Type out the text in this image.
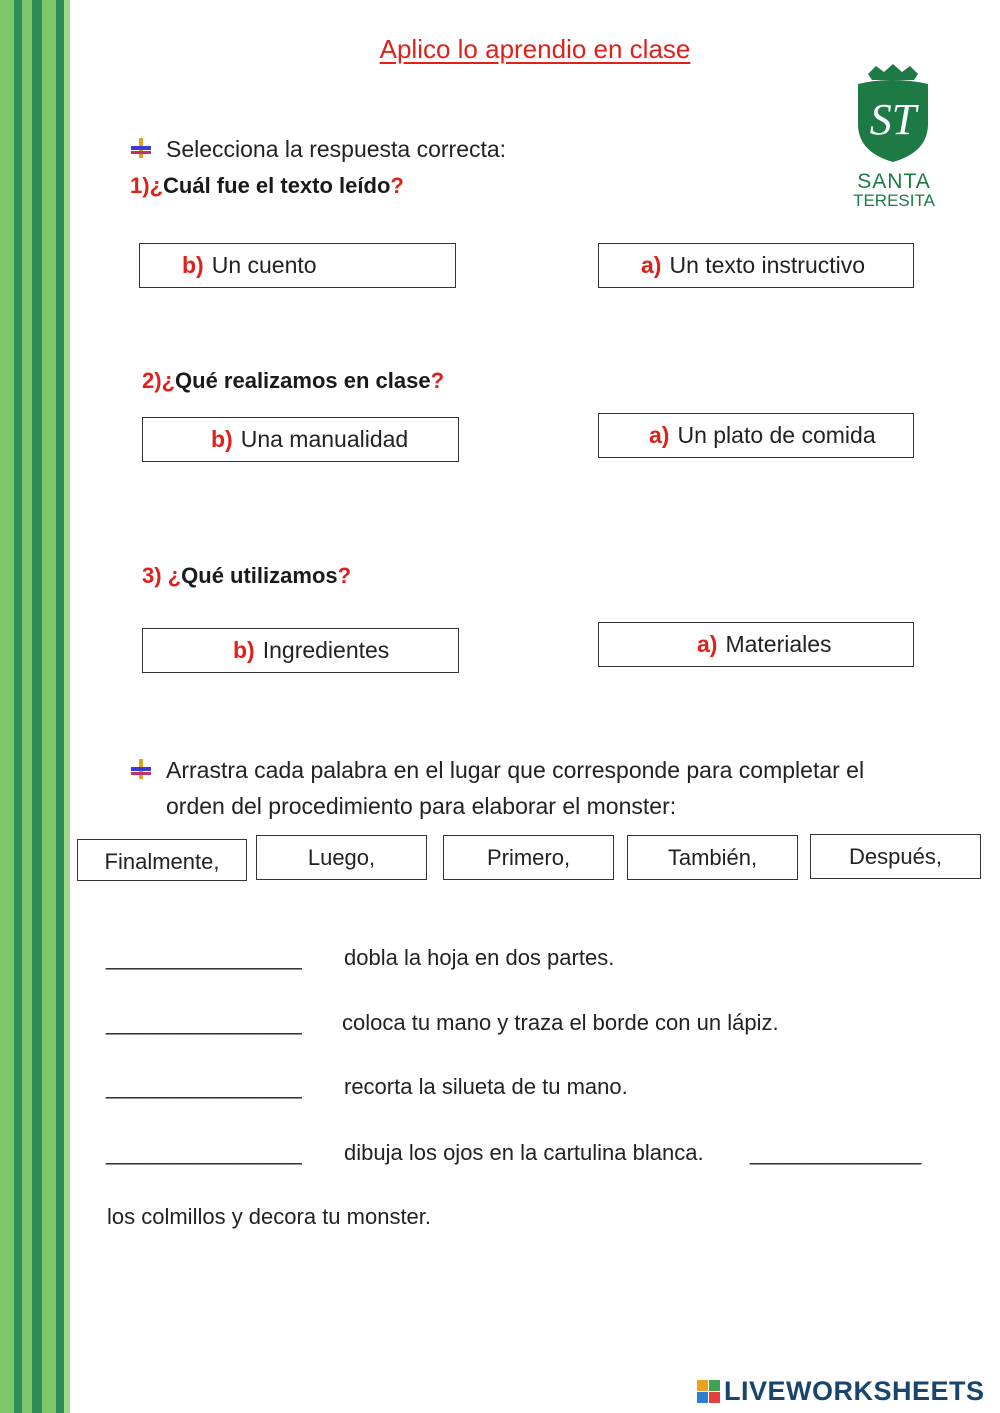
Aplico lo aprendio en clase
ST
SANTA
TERESITA
Selecciona la respuesta correcta:
1)¿Cuál fue el texto leído?
b) Un cuento	a) Un texto instructivo
2)¿Qué realizamos en clase?
b) Una manualidad	a) Un plato de comida
3) ¿Qué utilizamos?
b) Ingredientes	a) Materiales
Arrastra cada palabra en el lugar que corresponde para completar el
orden del procedimiento para elaborar el monster:
Finalmente,	Luego,	Primero,	También,	Después,
________________ dobla la hoja en dos partes.
________________ coloca tu mano y traza el borde con un lápiz.
________________ recorta la silueta de tu mano.
________________ dibuja los ojos en la cartulina blanca. ______________
los colmillos y decora tu monster.
LIVEWORKSHEETS
